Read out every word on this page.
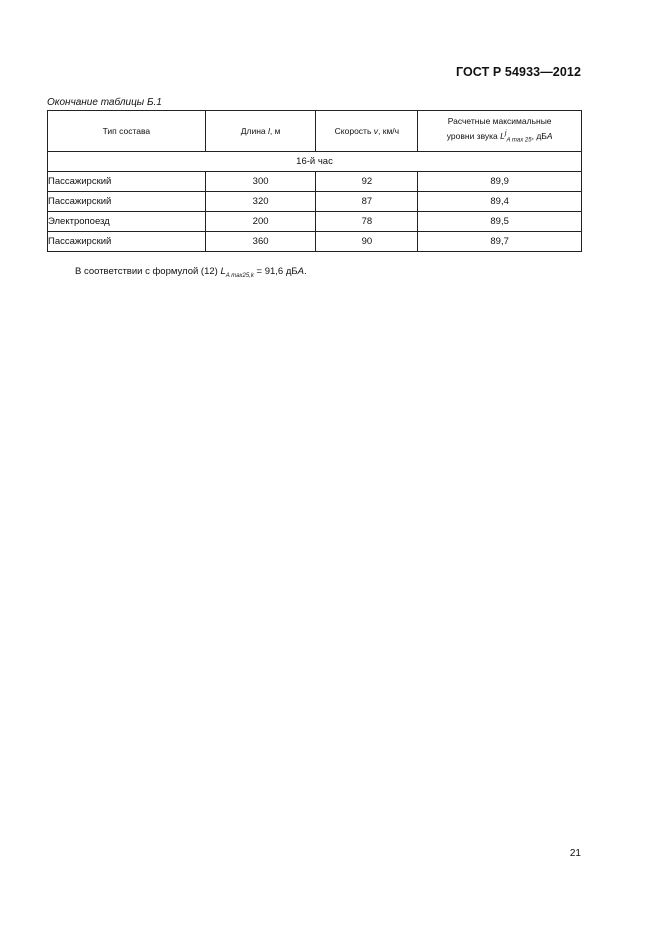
ГОСТ Р 54933—2012
Окончание таблицы Б.1
Тип состава	Длина l, м	Скорость v, км/ч	Расчетные максимальные
уровни звука $L^j_{A max 25}$, дБA
16-й час			
Пассажирский	300	92	89,9
Пассажирский	320	87	89,4
Электропоезд	200	78	89,5
Пассажирский	360	90	89,7
В соответствии с формулой (12) $L_{A max25,k} = 91,6$ дБA.
21
